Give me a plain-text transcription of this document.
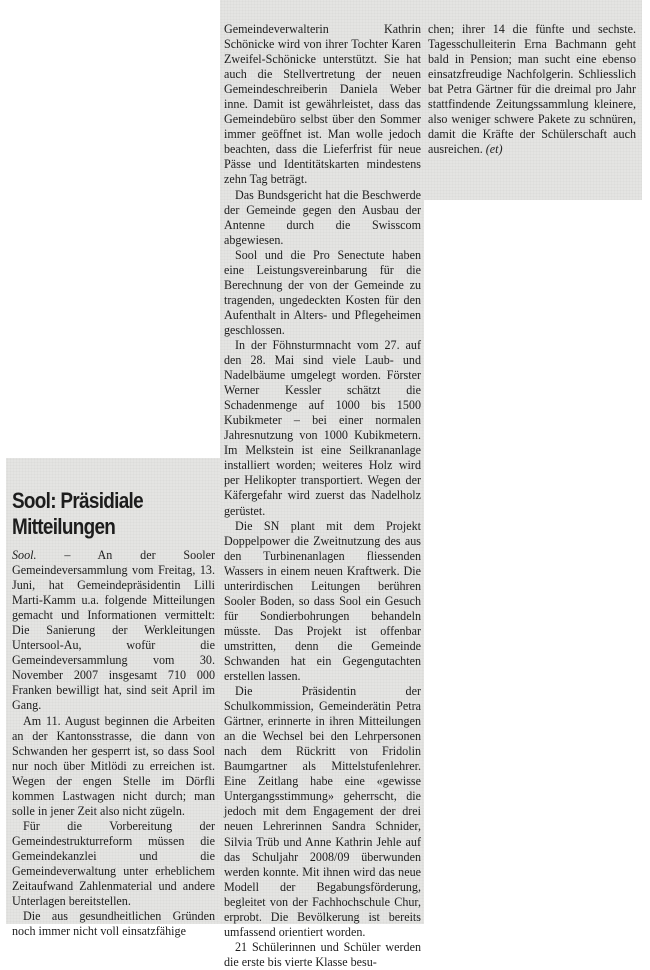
Sool: Präsidiale Mitteilungen

Sool. – An der Sooler Gemeindeversammlung vom Freitag, 13. Juni, hat Gemeindepräsidentin Lilli Marti-Kamm u.a. folgende Mitteilungen gemacht und Informationen vermittelt: Die Sanierung der Werkleitungen Untersool-Au, wofür die Gemeindeversammlung vom 30. November 2007 insgesamt 710 000 Franken bewilligt hat, sind seit April im Gang.

Am 11. August beginnen die Arbeiten an der Kantonsstrasse, die dann von Schwanden her gesperrt ist, so dass Sool nur noch über Mitlödi zu erreichen ist. Wegen der engen Stelle im Dörfli kommen Lastwagen nicht durch; man solle in jener Zeit also nicht zügeln.

Für die Vorbereitung der Gemeindestrukturreform müssen die Gemeindekanzlei und die Gemeindeverwaltung unter erheblichem Zeitaufwand Zahlenmaterial und andere Unterlagen bereitstellen.

Die aus gesundheitlichen Gründen noch immer nicht voll einsatzfähige

Gemeindeverwalterin Kathrin Schönicke wird von ihrer Tochter Karen Zweifel-Schönicke unterstützt. Sie hat auch die Stellvertretung der neuen Gemeindeschreiberin Daniela Weber inne. Damit ist gewährleistet, dass das Gemeindebüro selbst über den Sommer immer geöffnet ist. Man wolle jedoch beachten, dass die Lieferfrist für neue Pässe und Identitätskarten mindestens zehn Tag beträgt.

Das Bundsgericht hat die Beschwerde der Gemeinde gegen den Ausbau der Antenne durch die Swisscom abgewiesen.

Sool und die Pro Senectute haben eine Leistungsvereinbarung für die Berechnung der von der Gemeinde zu tragenden, ungedeckten Kosten für den Aufenthalt in Alters- und Pflegeheimen geschlossen.

In der Föhnsturmnacht vom 27. auf den 28. Mai sind viele Laub- und Nadelbäume umgelegt worden. Förster Werner Kessler schätzt die Schadenmenge auf 1000 bis 1500 Kubikmeter – bei einer normalen Jahresnutzung von 1000 Kubikmetern. Im Melkstein ist eine Seilkrananlage installiert worden; weiteres Holz wird per Helikopter transportiert. Wegen der Käfergefahr wird zuerst das Nadelholz gerüstet.

Die SN plant mit dem Projekt Doppelpower die Zweitnutzung des aus den Turbinenanlagen fliessenden Wassers in einem neuen Kraftwerk. Die unterirdischen Leitungen berühren Sooler Boden, so dass Sool ein Gesuch für Sondierbohrungen behandeln müsste. Das Projekt ist offenbar umstritten, denn die Gemeinde Schwanden hat ein Gegengutachten erstellen lassen.

Die Präsidentin der Schulkommission, Gemeinderätin Petra Gärtner, erinnerte in ihren Mitteilungen an die Wechsel bei den Lehrpersonen nach dem Rückritt von Fridolin Baumgartner als Mittelstufenlehrer. Eine Zeitlang habe eine «gewisse Untergangsstimmung» geherrscht, die jedoch mit dem Engagement der drei neuen Lehrerinnen Sandra Schnider, Silvia Trüb und Anne Kathrin Jehle auf das Schuljahr 2008/09 überwunden werden konnte. Mit ihnen wird das neue Modell der Begabungsförderung, begleitet von der Fachhochschule Chur, erprobt. Die Bevölkerung ist bereits umfassend orientiert worden.

21 Schülerinnen und Schüler werden die erste bis vierte Klasse besu-

chen; ihrer 14 die fünfte und sechste. Tagesschulleiterin Erna Bachmann geht bald in Pension; man sucht eine ebenso einsatzfreudige Nachfolgerin. Schliesslich bat Petra Gärtner für die dreimal pro Jahr stattfindende Zeitungssammlung kleinere, also weniger schwere Pakete zu schnüren, damit die Kräfte der Schülerschaft auch ausreichen. (et)
